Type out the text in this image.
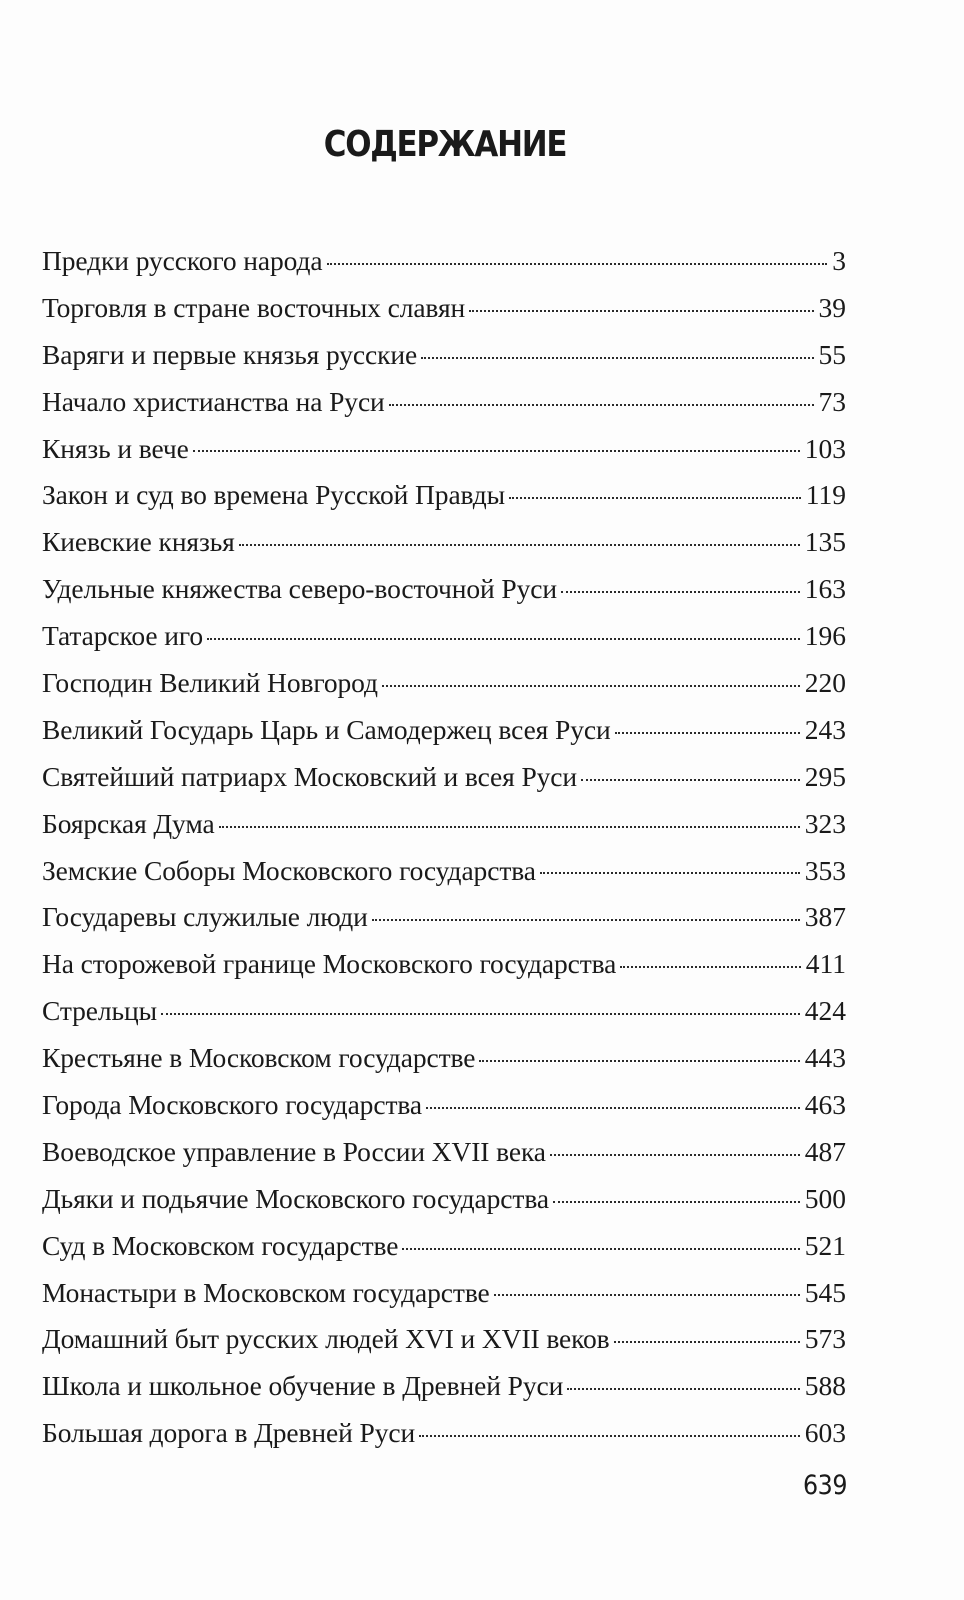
СОДЕРЖАНИЕ
Предки русского народа	3
Торговля в стране восточных славян	39
Варяги и первые князья русские	55
Начало христианства на Руси	73
Князь и вече	103
Закон и суд во времена Русской Правды	119
Киевские князья	135
Удельные княжества северо-восточной Руси	163
Татарское иго	196
Господин Великий Новгород	220
Великий Государь Царь и Самодержец всея Руси	243
Святейший патриарх Московский и всея Руси	295
Боярская Дума	323
Земские Соборы Московского государства	353
Государевы служилые люди	387
На сторожевой границе Московского государства	411
Стрельцы	424
Крестьяне в Московском государстве	443
Города Московского государства	463
Воеводское управление в России XVII века	487
Дьяки и подьячие Московского государства	500
Суд в Московском государстве	521
Монастыри в Московском государстве	545
Домашний быт русских людей XVI и XVII веков	573
Школа и школьное обучение в Древней Руси	588
Большая дорога в Древней Руси	603
639
